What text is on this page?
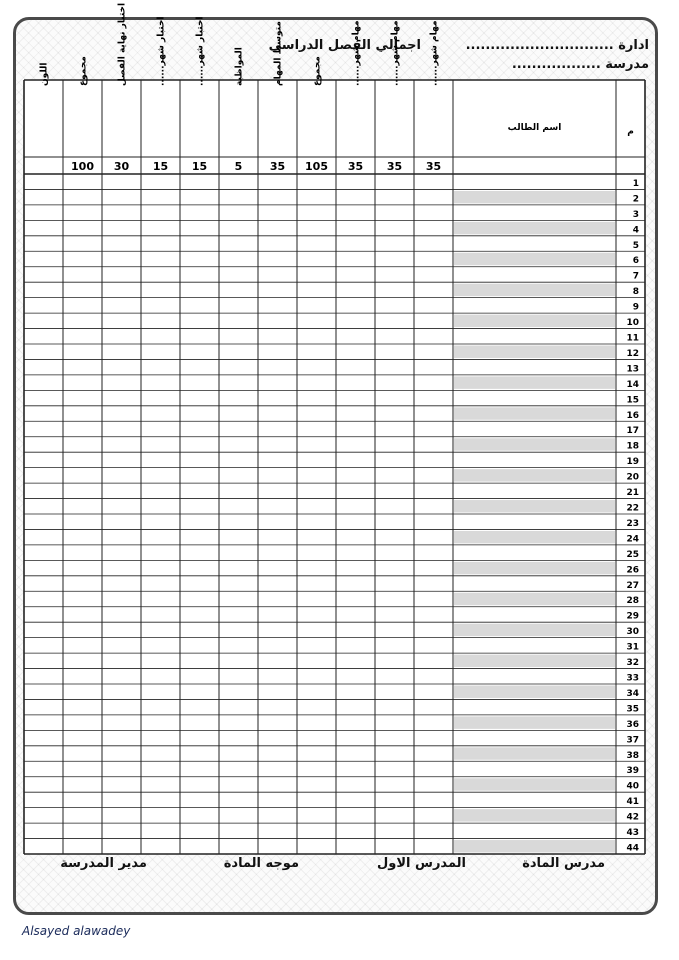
اجمالي الفصل الدراسي	ادارة ..............................
مدرسة ..................
م
اسم الطالب
مهام شهر......
35
مهام شهر......
35
مهام شهر......
35
مجموع
105
متوسط المهام
35
المواظبة
5
اختبار شهر......
15
اختبار شهر......
15
اختبار نهاية الفصل
30
مجموع
100
اللون
1
2
3
4
5
6
7
8
9
10
11
12
13
14
15
16
17
18
19
20
21
22
23
24
25
26
27
28
29
30
31
32
33
34
35
36
37
38
39
40
41
42
43
44
مدرس المادة
المدرس الاول
موجه المادة
مدير المدرسة
Alsayed alawadey
